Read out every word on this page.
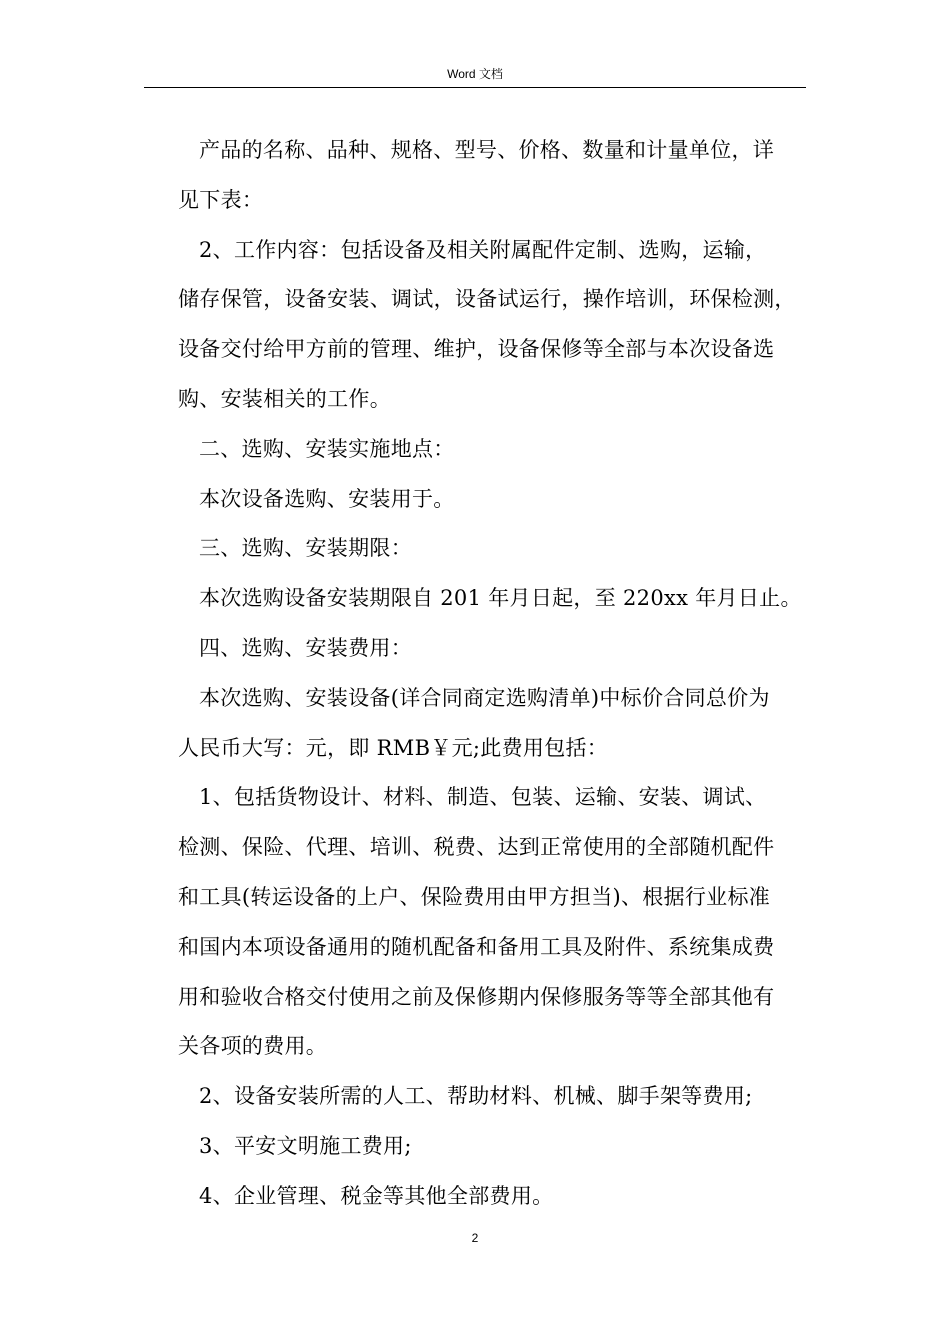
Word 文档

产品的名称、品种、规格、型号、价格、数量和计量单位，详

见下表：

2、工作内容：包括设备及相关附属配件定制、选购，运输，

储存保管，设备安装、调试，设备试运行，操作培训，环保检测，

设备交付给甲方前的管理、维护，设备保修等全部与本次设备选

购、安装相关的工作。

二、选购、安装实施地点：

本次设备选购、安装用于。

三、选购、安装期限：

本次选购设备安装期限自 201 年月日起，至 220xx 年月日止。

四、选购、安装费用：

本次选购、安装设备(详合同商定选购清单)中标价合同总价为

人民币大写：元，即 RMB￥元;此费用包括：

1、包括货物设计、材料、制造、包装、运输、安装、调试、

检测、保险、代理、培训、税费、达到正常使用的全部随机配件

和工具(转运设备的上户、保险费用由甲方担当)、根据行业标准

和国内本项设备通用的随机配备和备用工具及附件、系统集成费

用和验收合格交付使用之前及保修期内保修服务等等全部其他有

关各项的费用。

2、设备安装所需的人工、帮助材料、机械、脚手架等费用;

3、平安文明施工费用;

4、企业管理、税金等其他全部费用。

2
